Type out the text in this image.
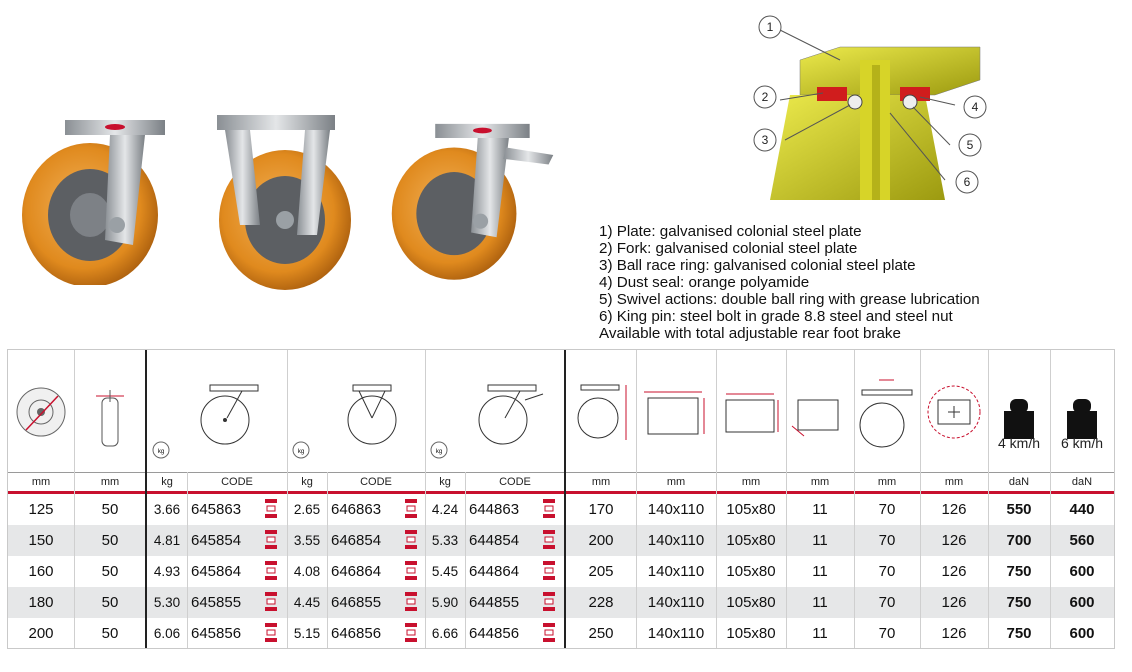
1
2
3
4
5
6
1) Plate: galvanised colonial steel plate
2) Fork: galvanised colonial steel plate
3) Ball race ring: galvanised colonial steel plate
4) Dust seal: orange polyamide
5) Swivel actions: double ball ring with grease lubrication
6) King pin: steel bolt in grade 8.8 steel and steel nut
Available with total adjustable rear foot brake
kg	kg	kg
4 km/h	6 km/h
mm	mm	kg	CODE	kg	CODE	kg	CODE	mm	mm	mm	mm	mm	mm	daN	daN
125	50	3.66 645863	2.65 646863	4.24 644863	170	140x110	105x80	11	70	126	550	440
150	50	4.81 645854	3.55 646854	5.33 644854	200	140x110	105x80	11	70	126	700	560
160	50	4.93 645864	4.08 646864	5.45 644864	205	140x110	105x80	11	70	126	750	600
180	50	5.30 645855	4.45 646855	5.90 644855	228	140x110	105x80	11	70	126	750	600
200	50	6.06 645856	5.15 646856	6.66 644856	250	140x110	105x80	11	70	126	750	600
